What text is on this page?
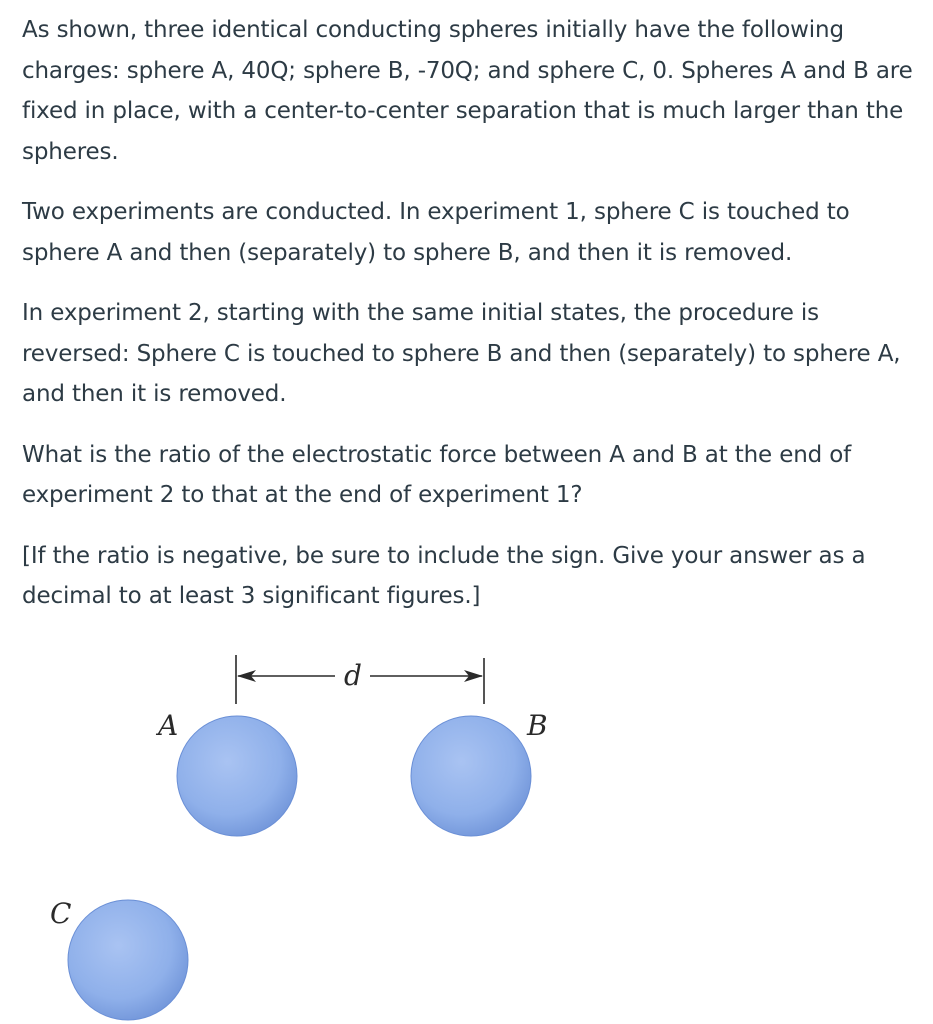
As shown, three identical conducting spheres initially have the following
charges: sphere A, 40Q; sphere B, -70Q; and sphere C, 0. Spheres A and B are
fixed in place, with a center-to-center separation that is much larger than the
spheres.

Two experiments are conducted. In experiment 1, sphere C is touched to
sphere A and then (separately) to sphere B, and then it is removed.

In experiment 2, starting with the same initial states, the procedure is
reversed: Sphere C is touched to sphere B and then (separately) to sphere A,
and then it is removed.

What is the ratio of the electrostatic force between A and B at the end of
experiment 2 to that at the end of experiment 1?

[If the ratio is negative, be sure to include the sign. Give your answer as a
decimal to at least 3 significant figures.]

d
A	B
C
